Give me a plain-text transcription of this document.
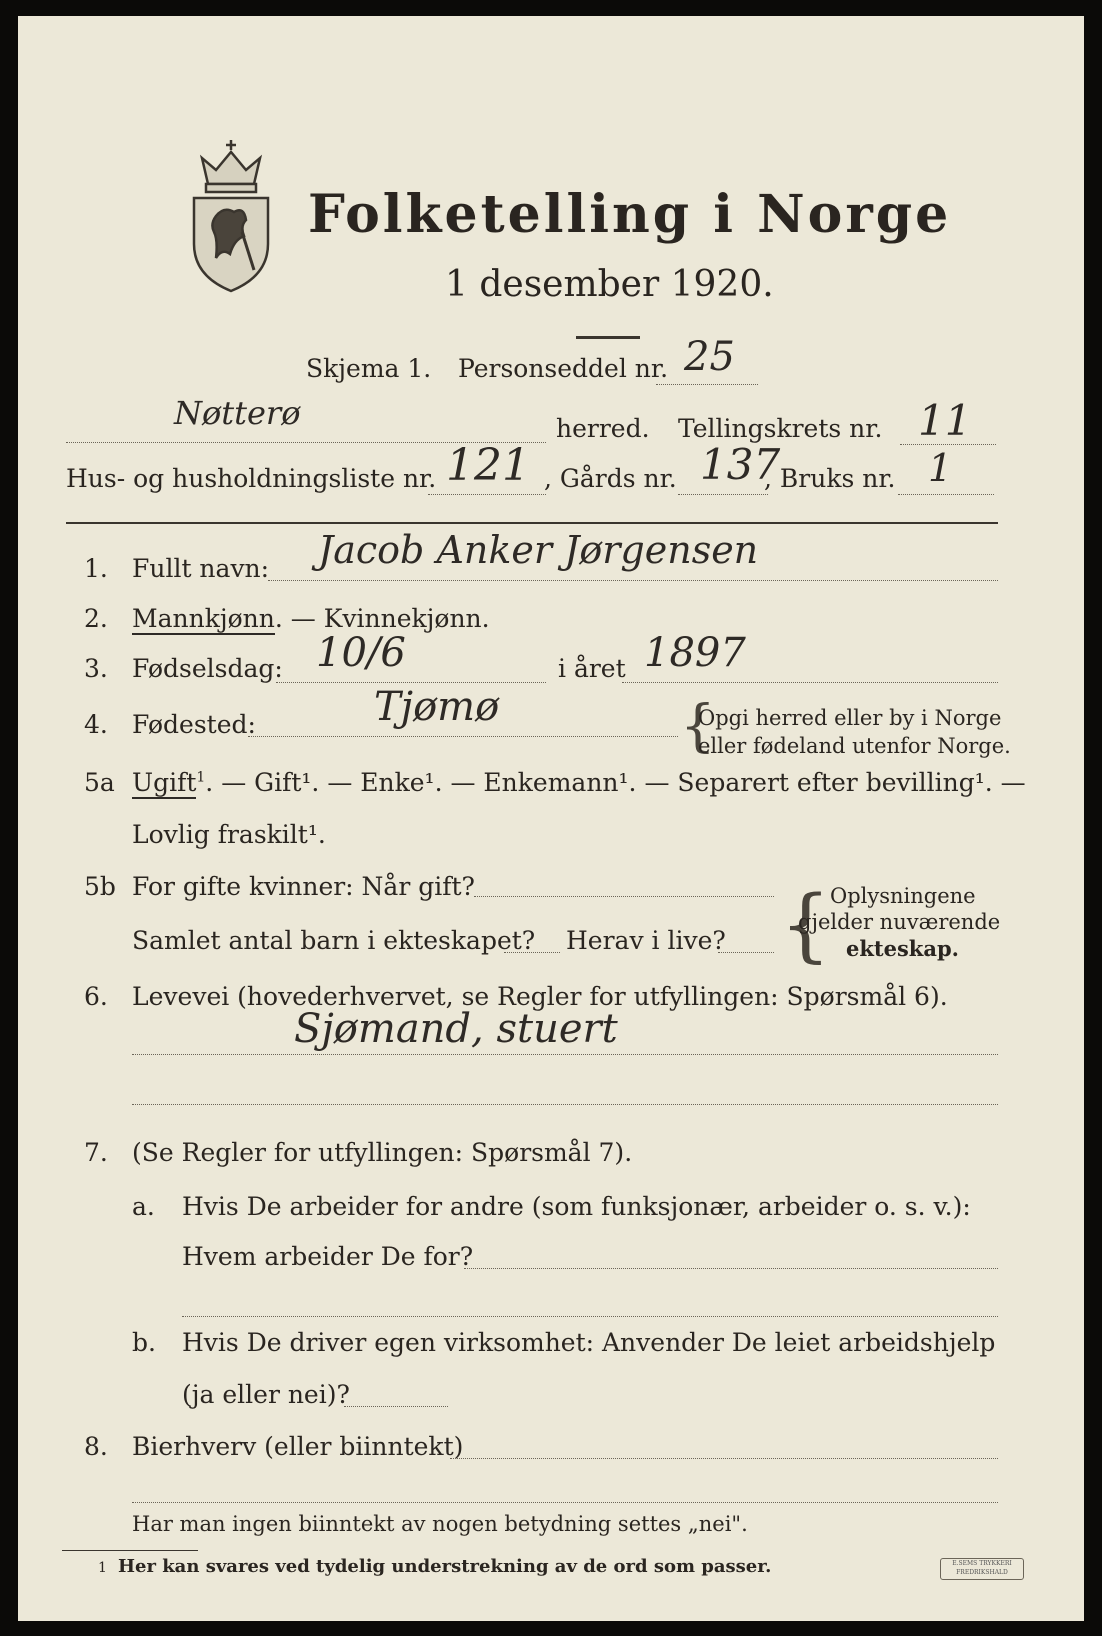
Folketelling i Norge
1 desember 1920.
Skjema 1. Personseddel nr. 25
Nøtterø	herred. Tellingskrets nr. 11
Hus- og husholdningsliste nr. 121 , Gårds nr. 137
, Bruks nr. 1
1. Fullt navn: Jacob Anker Jørgensen
2. Mannkjønn. — Kvinnekjønn.
3. Fødselsdag: 10/6	i året 1897
4. Fødested:	Tjømø	{
Opgi herred eller by i Norge
eller fødeland utenfor Norge.
5a Ugift$^1$. — Gift¹. — Enke¹. — Enkemann¹. — Separert efter bevilling¹. —
Lovlig fraskilt¹.
5b For gifte kvinner: Når gift?
Samlet antal barn i ekteskapet? Herav i live? { Oplysningene
gjelder nuværende
ekteskap.
6. Levevei (hovederhvervet, se Regler for utfyllingen: Spørsmål 6).
Sjømand, stuert
7. (Se Regler for utfyllingen: Spørsmål 7).
a. Hvis De arbeider for andre (som funksjonær, arbeider o. s. v.):
Hvem arbeider De for?
b. Hvis De driver egen virksomhet: Anvender De leiet arbeidshjelp
(ja eller nei)?
8. Bierhverv (eller biinntekt)
Har man ingen biinntekt av nogen betydning settes „nei".
1 Her kan svares ved tydelig understrekning av de ord som passer.	E.SEMS TRYKKERI FREDRIKSHALD
